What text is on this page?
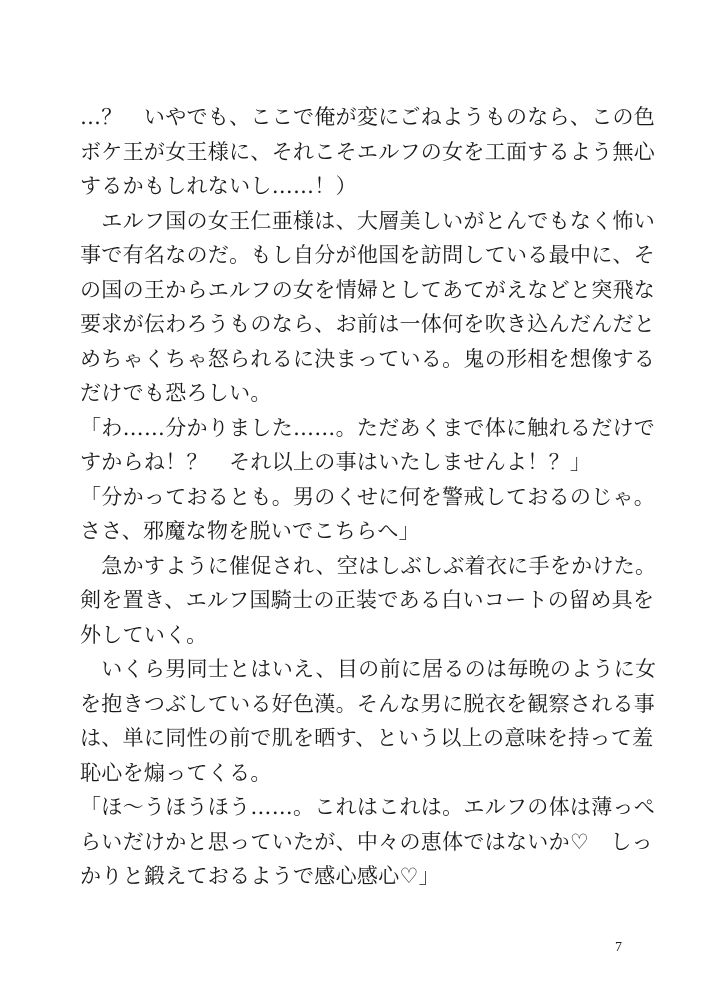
…？　いやでも、ここで俺が変にごねようものなら、この色
ボケ王が女王様に、それこそエルフの女を工面するよう無心
するかもしれないし……！）
　エルフ国の女王仁亜様は、大層美しいがとんでもなく怖い
事で有名なのだ。もし自分が他国を訪問している最中に、そ
の国の王からエルフの女を情婦としてあてがえなどと突飛な
要求が伝わろうものなら、お前は一体何を吹き込んだんだと
めちゃくちゃ怒られるに決まっている。鬼の形相を想像する
だけでも恐ろしい。
「わ……分かりました……。ただあくまで体に触れるだけで
すからね！？　それ以上の事はいたしませんよ！？」
「分かっておるとも。男のくせに何を警戒しておるのじゃ。
ささ、邪魔な物を脱いでこちらへ」
　急かすように催促され、空はしぶしぶ着衣に手をかけた。
剣を置き、エルフ国騎士の正装である白いコートの留め具を
外していく。
　いくら男同士とはいえ、目の前に居るのは毎晩のように女
を抱きつぶしている好色漢。そんな男に脱衣を観察される事
は、単に同性の前で肌を晒す、という以上の意味を持って羞
恥心を煽ってくる。
「ほ〜うほうほう……。これはこれは。エルフの体は薄っぺ
らいだけかと思っていたが、中々の恵体ではないか♡　しっ
かりと鍛えておるようで感心感心♡」
7
